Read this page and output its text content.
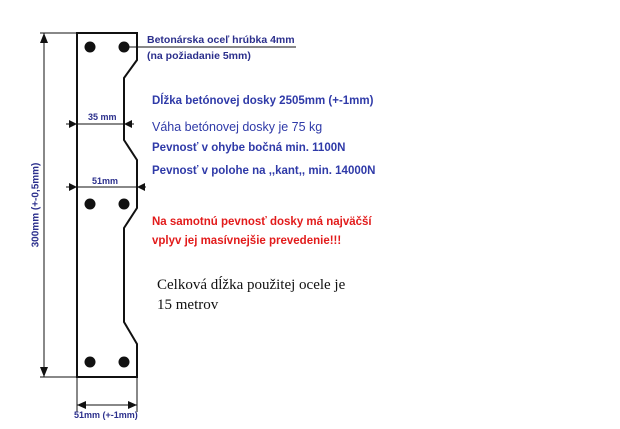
300mm (+-0,5mm)
35 mm
51mm
51mm (+-1mm)
Betonárska oceľ hrúbka 4mm
(na požiadanie 5mm)
Dĺžka betónovej dosky 2505mm (+-1mm)
Váha betónovej dosky je 75 kg
Pevnosť v ohybe bočná min. 1100N
Pevnosť v polohe na ,,kant,, min. 14000N
Na samotnú pevnosť dosky má najväčší
vplyv jej masívnejšie prevedenie!!!
Celková dĺžka použitej ocele je
15 metrov
